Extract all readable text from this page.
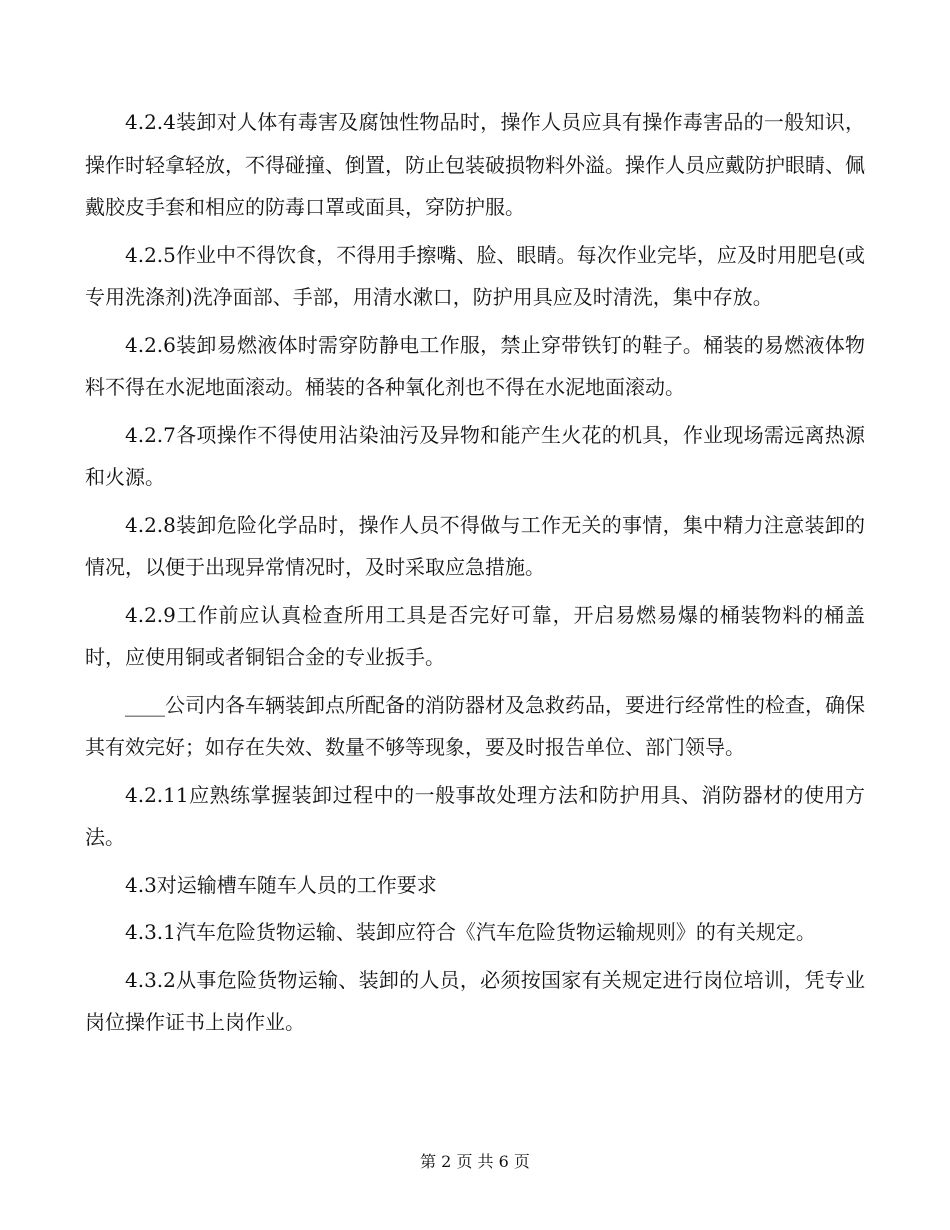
4.2.4装卸对人体有毒害及腐蚀性物品时，操作人员应具有操作毒害品的一般知识，操作时轻拿轻放，不得碰撞、倒置，防止包装破损物料外溢。操作人员应戴防护眼睛、佩戴胶皮手套和相应的防毒口罩或面具，穿防护服。

4.2.5作业中不得饮食，不得用手擦嘴、脸、眼睛。每次作业完毕，应及时用肥皂(或专用洗涤剂)洗净面部、手部，用清水漱口，防护用具应及时清洗，集中存放。

4.2.6装卸易燃液体时需穿防静电工作服，禁止穿带铁钉的鞋子。桶装的易燃液体物料不得在水泥地面滚动。桶装的各种氧化剂也不得在水泥地面滚动。

4.2.7各项操作不得使用沾染油污及异物和能产生火花的机具，作业现场需远离热源和火源。

4.2.8装卸危险化学品时，操作人员不得做与工作无关的事情，集中精力注意装卸的情况，以便于出现异常情况时，及时采取应急措施。

4.2.9工作前应认真检查所用工具是否完好可靠，开启易燃易爆的桶装物料的桶盖时，应使用铜或者铜铝合金的专业扳手。

____公司内各车辆装卸点所配备的消防器材及急救药品，要进行经常性的检查，确保其有效完好；如存在失效、数量不够等现象，要及时报告单位、部门领导。

4.2.11应熟练掌握装卸过程中的一般事故处理方法和防护用具、消防器材的使用方法。

4.3对运输槽车随车人员的工作要求

4.3.1汽车危险货物运输、装卸应符合《汽车危险货物运输规则》的有关规定。

4.3.2从事危险货物运输、装卸的人员，必须按国家有关规定进行岗位培训，凭专业岗位操作证书上岗作业。

第 2 页 共 6 页
